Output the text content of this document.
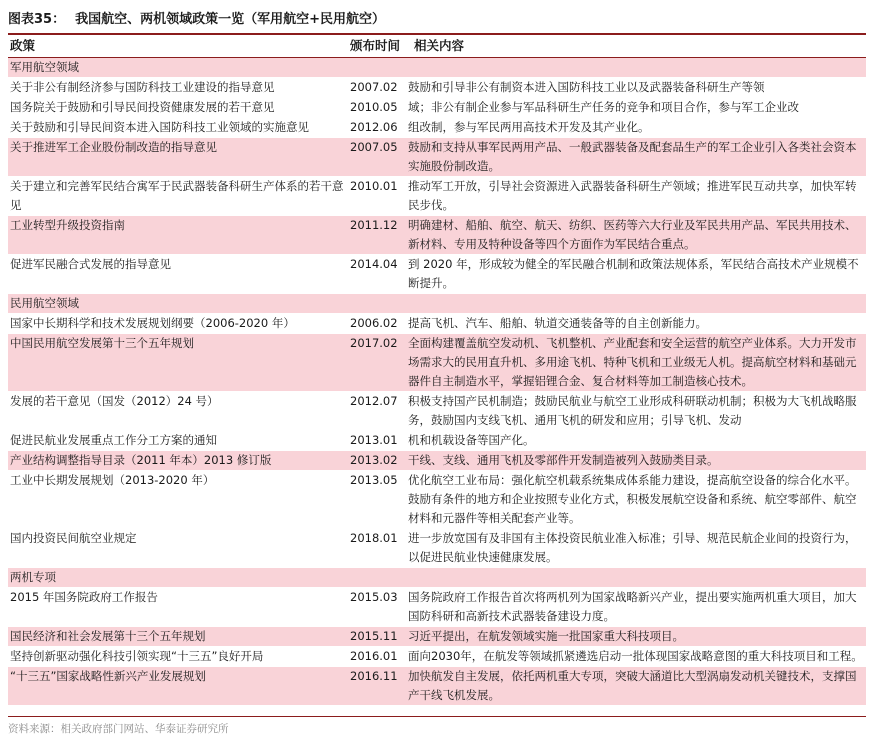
图表35： 我国航空、两机领域政策一览（军用航空+民用航空）
政策	颁布时间 相关内容
军用航空领域		
关于非公有制经济参与国防科技工业建设的指导意见	2007.02	鼓励和引导非公有制资本进入国防科技工业以及武器装备科研生产等领
国务院关于鼓励和引导民间投资健康发展的若干意见	2010.05	域；非公有制企业参与军品科研生产任务的竞争和项目合作，参与军工企业改
关于鼓励和引导民间资本进入国防科技工业领域的实施意见	2012.06	组改制，参与军民两用高技术开发及其产业化。
关于推进军工企业股份制改造的指导意见	2007.05	鼓励和支持从事军民两用产品、一般武器装备及配套品生产的军工企业引入各类社会资本实施股份制改造。
关于建立和完善军民结合寓军于民武器装备科研生产体系的若干意见	2010.01	推动军工开放，引导社会资源进入武器装备科研生产领域；推进军民互动共享，加快军转民步伐。
工业转型升级投资指南	2011.12	明确建材、船舶、航空、航天、纺织、医药等六大行业及军民共用产品、军民共用技术、新材料、专用及特种设备等四个方面作为军民结合重点。
促进军民融合式发展的指导意见	2014.04	到 2020 年，形成较为健全的军民融合机制和政策法规体系，军民结合高技术产业规模不断提升。
民用航空领域		
国家中长期科学和技术发展规划纲要（2006-2020 年）	2006.02	提高飞机、汽车、船舶、轨道交通装备等的自主创新能力。
中国民用航空发展第十三个五年规划	2017.02	全面构建覆盖航空发动机、飞机整机、产业配套和安全运营的航空产业体系。大力开发市场需求大的民用直升机、多用途飞机、特种飞机和工业级无人机。提高航空材料和基础元器件自主制造水平，掌握铝锂合金、复合材料等加工制造核心技术。
发展的若干意见（国发（2012）24 号）	2012.07	积极支持国产民机制造；鼓励民航业与航空工业形成科研联动机制；积极为大飞机战略服务，鼓励国内支线飞机、通用飞机的研发和应用；引导飞机、发动
促进民航业发展重点工作分工方案的通知	2013.01	机和机载设备等国产化。
产业结构调整指导目录（2011 年本）2013 修订版	2013.02	干线、支线、通用飞机及零部件开发制造被列入鼓励类目录。
工业中长期发展规划（2013-2020 年）	2013.05	优化航空工业布局：强化航空机载系统集成体系能力建设，提高航空设备的综合化水平。鼓励有条件的地方和企业按照专业化方式，积极发展航空设备和系统、航空零部件、航空材料和元器件等相关配套产业等。
国内投资民间航空业规定	2018.01	进一步放宽国有及非国有主体投资民航业准入标准；引导、规范民航企业间的投资行为，以促进民航业快速健康发展。
两机专项		
2015 年国务院政府工作报告	2015.03	国务院政府工作报告首次将两机列为国家战略新兴产业，提出要实施两机重大项目，加大国防科研和高新技术武器装备建设力度。
国民经济和社会发展第十三个五年规划	2015.11	习近平提出，在航发领域实施一批国家重大科技项目。
坚持创新驱动强化科技引领实现“十三五”良好开局	2016.01	面向2030年，在航发等领域抓紧遴选启动一批体现国家战略意图的重大科技项目和工程。
“十三五”国家战略性新兴产业发展规划	2016.11	加快航发自主发展，依托两机重大专项，突破大涵道比大型涡扇发动机关键技术，支撑国产干线飞机发展。
资料来源：相关政府部门网站、华泰证券研究所
